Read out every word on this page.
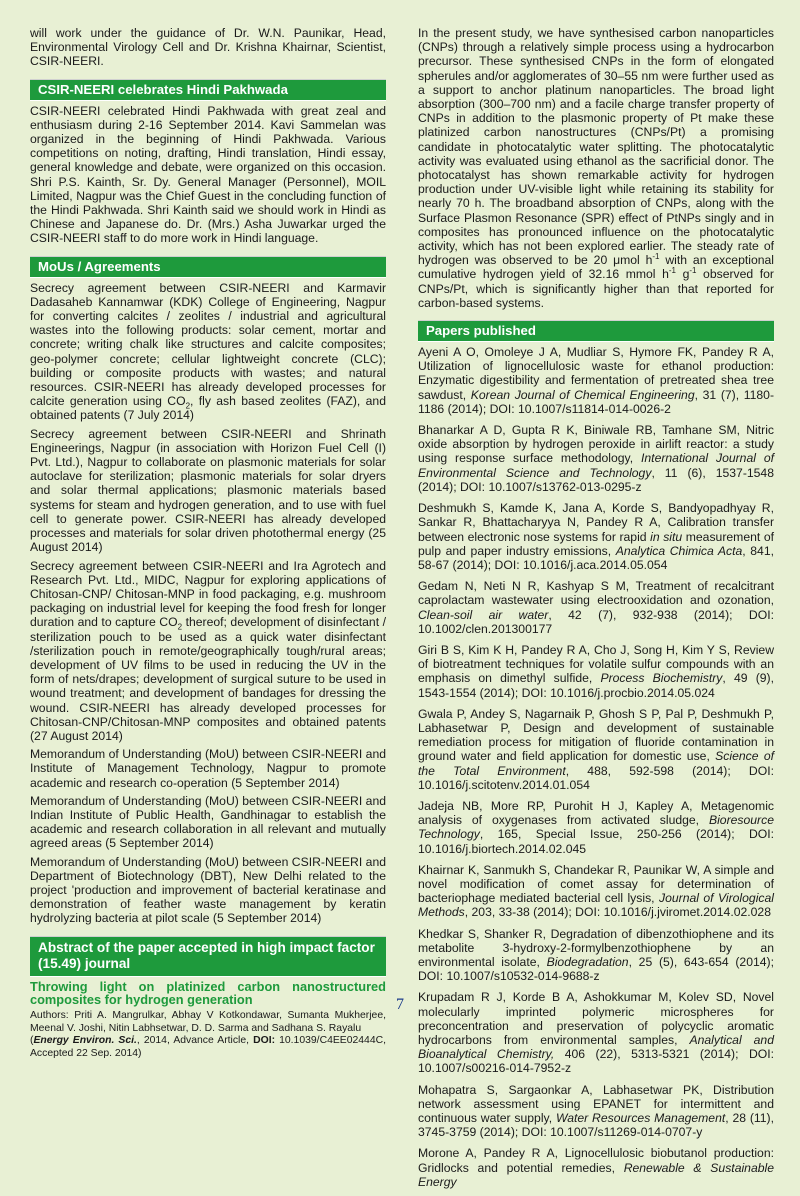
will work under the guidance of Dr. W.N. Paunikar, Head, Environmental Virology Cell and Dr. Krishna Khairnar, Scientist, CSIR-NEERI.

CSIR-NEERI celebrates Hindi Pakhwada

CSIR-NEERI celebrated Hindi Pakhwada with great zeal and enthusiasm during 2-16 September 2014. Kavi Sammelan was organized in the beginning of Hindi Pakhwada. Various competitions on noting, drafting, Hindi translation, Hindi essay, general knowledge and debate, were organized on this occasion. Shri P.S. Kainth, Sr. Dy. General Manager (Personnel), MOIL Limited, Nagpur was the Chief Guest in the concluding function of the Hindi Pakhwada. Shri Kainth said we should work in Hindi as Chinese and Japanese do. Dr. (Mrs.) Asha Juwarkar urged the CSIR-NEERI staff to do more work in Hindi language.

MoUs / Agreements

Secrecy agreement between CSIR-NEERI and Karmavir Dadasaheb Kannamwar (KDK) College of Engineering, Nagpur for converting calcites / zeolites / industrial and agricultural wastes into the following products: solar cement, mortar and concrete; writing chalk like structures and calcite composites; geo-polymer concrete; cellular lightweight concrete (CLC); building or composite products with wastes; and natural resources. CSIR-NEERI has already developed processes for calcite generation using $CO_2$, fly ash based zeolites (FAZ), and obtained patents (7 July 2014)

Secrecy agreement between CSIR-NEERI and Shrinath Engineerings, Nagpur (in association with Horizon Fuel Cell (I) Pvt. Ltd.), Nagpur to collaborate on plasmonic materials for solar autoclave for sterilization; plasmonic materials for solar dryers and solar thermal applications; plasmonic materials based systems for steam and hydrogen generation, and to use with fuel cell to generate power. CSIR-NEERI has already developed processes and materials for solar driven photothermal energy (25 August 2014)

Secrecy agreement between CSIR-NEERI and Ira Agrotech and Research Pvt. Ltd., MIDC, Nagpur for exploring applications of Chitosan-CNP/ Chitosan-MNP in food packaging, e.g. mushroom packaging on industrial level for keeping the food fresh for longer duration and to capture $CO_2$ thereof; development of disinfectant / sterilization pouch to be used as a quick water disinfectant /sterilization pouch in remote/geographically tough/rural areas; development of UV films to be used in reducing the UV in the form of nets/drapes; development of surgical suture to be used in wound treatment; and development of bandages for dressing the wound. CSIR-NEERI has already developed processes for Chitosan-CNP/Chitosan-MNP composites and obtained patents (27 August 2014)

Memorandum of Understanding (MoU) between CSIR-NEERI and Institute of Management Technology, Nagpur to promote academic and research co-operation (5 September 2014)

Memorandum of Understanding (MoU) between CSIR-NEERI and Indian Institute of Public Health, Gandhinagar to establish the academic and research collaboration in all relevant and mutually agreed areas (5 September 2014)

Memorandum of Understanding (MoU) between CSIR-NEERI and Department of Biotechnology (DBT), New Delhi related to the project 'production and improvement of bacterial keratinase and demonstration of feather waste management by keratin hydrolyzing bacteria at pilot scale (5 September 2014)

Abstract of the paper accepted in high impact factor (15.49) journal
Throwing light on platinized carbon nanostructured composites for hydrogen generation

Authors: Priti A. Mangrulkar, Abhay V Kotkondawar, Sumanta Mukherjee, Meenal V. Joshi, Nitin Labhsetwar, D. D. Sarma and Sadhana S. Rayalu

(Energy Environ. Sci., 2014, Advance Article, DOI: 10.1039/C4EE02444C, Accepted 22 Sep. 2014)

In the present study, we have synthesised carbon nanoparticles (CNPs) through a relatively simple process using a hydrocarbon precursor. These synthesised CNPs in the form of elongated spherules and/or agglomerates of 30–55 nm were further used as a support to anchor platinum nanoparticles. The broad light absorption (300–700 nm) and a facile charge transfer property of CNPs in addition to the plasmonic property of Pt make these platinized carbon nanostructures (CNPs/Pt) a promising candidate in photocatalytic water splitting. The photocatalytic activity was evaluated using ethanol as the sacrificial donor. The photocatalyst has shown remarkable activity for hydrogen production under UV-visible light while retaining its stability for nearly 70 h. The broadband absorption of CNPs, along with the Surface Plasmon Resonance (SPR) effect of PtNPs singly and in composites has pronounced influence on the photocatalytic activity, which has not been explored earlier. The steady rate of hydrogen was observed to be 20 μmol $h^{-1}$ with an exceptional cumulative hydrogen yield of 32.16 mmol $h^{-1}$ $g^{-1}$ observed for CNPs/Pt, which is significantly higher than that reported for carbon-based systems.

Papers published

Ayeni A O, Omoleye J A, Mudliar S, Hymore FK, Pandey R A, Utilization of lignocellulosic waste for ethanol production: Enzymatic digestibility and fermentation of pretreated shea tree sawdust, Korean Journal of Chemical Engineering, 31 (7), 1180-1186 (2014); DOI: 10.1007/s11814-014-0026-2

Bhanarkar A D, Gupta R K, Biniwale RB, Tamhane SM, Nitric oxide absorption by hydrogen peroxide in airlift reactor: a study using response surface methodology, International Journal of Environmental Science and Technology, 11 (6), 1537-1548 (2014); DOI: 10.1007/s13762-013-0295-z

Deshmukh S, Kamde K, Jana A, Korde S, Bandyopadhyay R, Sankar R, Bhattacharyya N, Pandey R A, Calibration transfer between electronic nose systems for rapid in situ measurement of pulp and paper industry emissions, Analytica Chimica Acta, 841, 58-67 (2014); DOI: 10.1016/j.aca.2014.05.054

Gedam N, Neti N R, Kashyap S M, Treatment of recalcitrant caprolactam wastewater using electrooxidation and ozonation, Clean-soil air water, 42 (7), 932-938 (2014); DOI: 10.1002/clen.201300177

Giri B S, Kim K H, Pandey R A, Cho J, Song H, Kim Y S, Review of biotreatment techniques for volatile sulfur compounds with an emphasis on dimethyl sulfide, Process Biochemistry, 49 (9), 1543-1554 (2014); DOI: 10.1016/j.procbio.2014.05.024

Gwala P, Andey S, Nagarnaik P, Ghosh S P, Pal P, Deshmukh P, Labhasetwar P, Design and development of sustainable remediation process for mitigation of fluoride contamination in ground water and field application for domestic use, Science of the Total Environment, 488, 592-598 (2014); DOI: 10.1016/j.scitotenv.2014.01.054

Jadeja NB, More RP, Purohit H J, Kapley A, Metagenomic analysis of oxygenases from activated sludge, Bioresource Technology, 165, Special Issue, 250-256 (2014); DOI: 10.1016/j.biortech.2014.02.045

Khairnar K, Sanmukh S, Chandekar R, Paunikar W, A simple and novel modification of comet assay for determination of bacteriophage mediated bacterial cell lysis, Journal of Virological Methods, 203, 33-38 (2014); DOI: 10.1016/j.jviromet.2014.02.028

Khedkar S, Shanker R, Degradation of dibenzothiophene and its metabolite 3-hydroxy-2-formylbenzothiophene by an environmental isolate, Biodegradation, 25 (5), 643-654 (2014); DOI: 10.1007/s10532-014-9688-z

Krupadam R J, Korde B A, Ashokkumar M, Kolev SD, Novel molecularly imprinted polymeric microspheres for preconcentration and preservation of polycyclic aromatic hydrocarbons from environmental samples, Analytical and Bioanalytical Chemistry, 406 (22), 5313-5321 (2014); DOI: 10.1007/s00216-014-7952-z

Mohapatra S, Sargaonkar A, Labhasetwar PK, Distribution network assessment using EPANET for intermittent and continuous water supply, Water Resources Management, 28 (11), 3745-3759 (2014); DOI: 10.1007/s11269-014-0707-y

Morone A, Pandey R A, Lignocellulosic biobutanol production: Gridlocks and potential remedies, Renewable & Sustainable Energy

7
